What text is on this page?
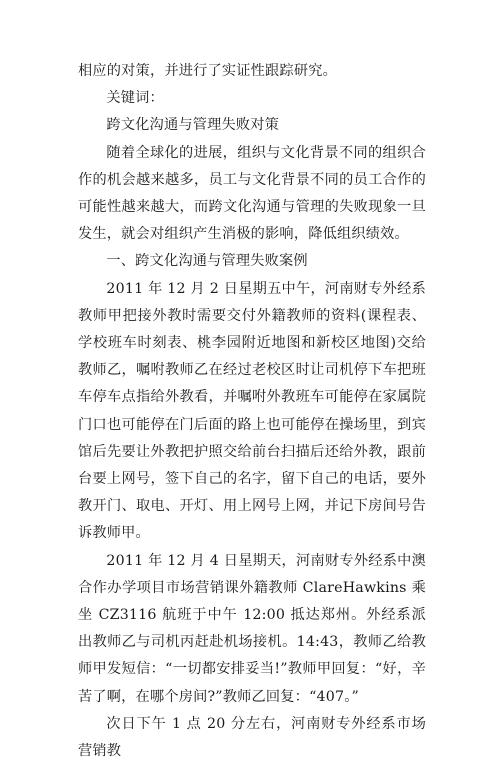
相应的对策，并进行了实证性跟踪研究。

关键词：

跨文化沟通与管理失败对策

随着全球化的进展，组织与文化背景不同的组织合作的机会越来越多，员工与文化背景不同的员工合作的可能性越来越大，而跨文化沟通与管理的失败现象一旦发生，就会对组织产生消极的影响，降低组织绩效。

一、跨文化沟通与管理失败案例

2011 年 12 月 2 日星期五中午，河南财专外经系教师甲把接外教时需要交付外籍教师的资料(课程表、学校班车时刻表、桃李园附近地图和新校区地图)交给教师乙，嘱咐教师乙在经过老校区时让司机停下车把班车停车点指给外教看，并嘱咐外教班车可能停在家属院门口也可能停在门后面的路上也可能停在操场里，到宾馆后先要让外教把护照交给前台扫描后还给外教，跟前台要上网号，签下自己的名字，留下自己的电话，要外教开门、取电、开灯、用上网号上网，并记下房间号告诉教师甲。

2011 年 12 月 4 日星期天，河南财专外经系中澳合作办学项目市场营销课外籍教师 ClareHawkins 乘坐 CZ3116 航班于中午 12:00 抵达郑州。外经系派出教师乙与司机丙赶赴机场接机。14:43，教师乙给教师甲发短信：“一切都安排妥当!”教师甲回复：“好，辛苦了啊，在哪个房间?”教师乙回复：“407。”

次日下午 1 点 20 分左右，河南财专外经系市场营销教
